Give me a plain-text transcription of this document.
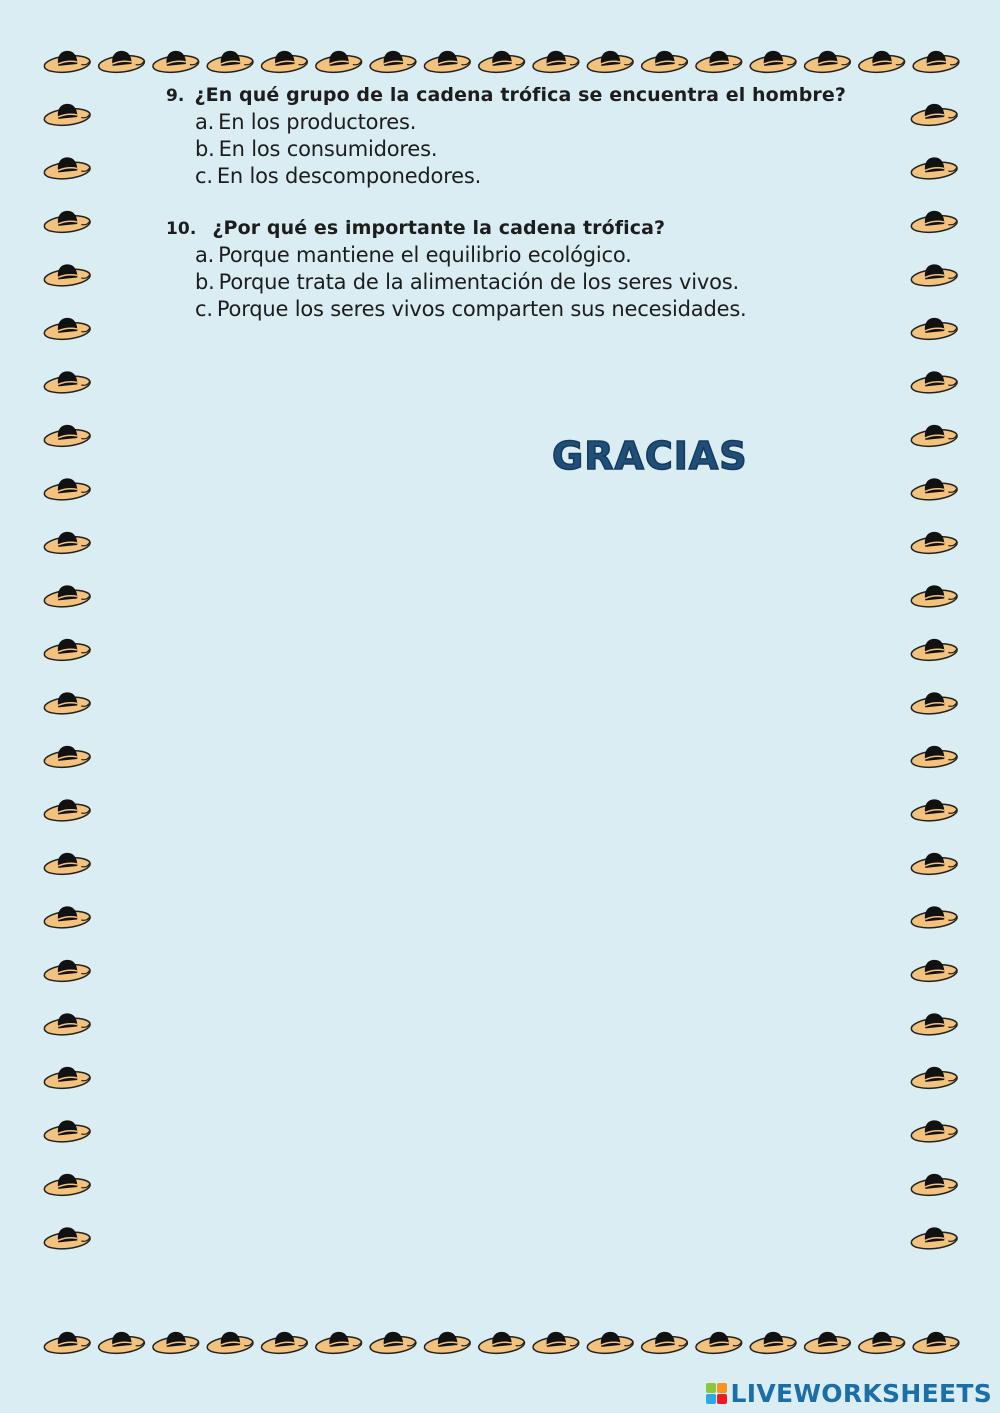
9. ¿En qué grupo de la cadena trófica se encuentra el hombre?
a. En los productores.
b. En los consumidores.
c. En los descomponedores.
10. ¿Por qué es importante la cadena trófica?
a. Porque mantiene el equilibrio ecológico.
b. Porque trata de la alimentación de los seres vivos.
c. Porque los seres vivos comparten sus necesidades.
GRACIAS
LIVEWORKSHEETS
